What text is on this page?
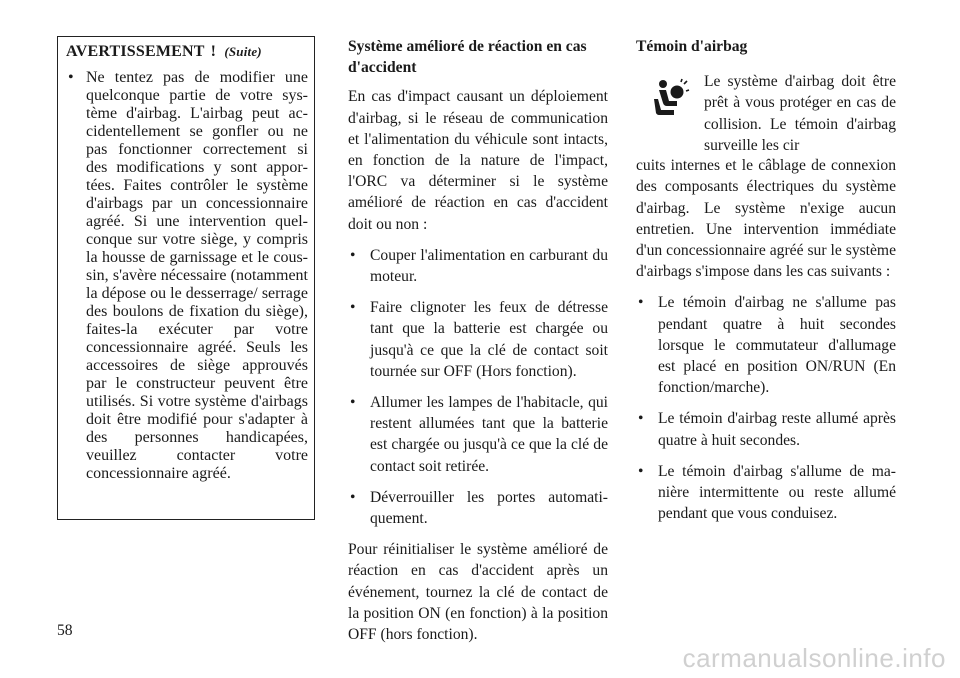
AVERTISSEMENT ! (Suite)
• Ne tentez pas de modifier une quelconque partie de votre système d'airbag. L'airbag peut accidentellement se gonfler ou ne pas fonctionner correctement si des modifications y sont apportées. Faites contrôler le système d'airbags par un concessionnaire agréé. Si une intervention quelconque sur votre siège, y compris la housse de garnissage et le coussin, s'avère nécessaire (notamment la dépose ou le desserrage/ serrage des boulons de fixation du siège), faites-la exécuter par votre concessionnaire agréé. Seuls les accessoires de siège approuvés par le constructeur peuvent être utilisés. Si votre système d'airbags doit être modifié pour s'adapter à des personnes handicapées, veuillez contacter votre concessionnaire agréé.

Système amélioré de réaction en cas d'accident

En cas d'impact causant un déploiement d'airbag, si le réseau de communication et l'alimentation du véhicule sont intacts, en fonction de la nature de l'impact, l'ORC va déterminer si le système amélioré de réaction en cas d'accident doit ou non :

• Couper l'alimentation en carburant du moteur.
• Faire clignoter les feux de détresse tant que la batterie est chargée ou jusqu'à ce que la clé de contact soit tournée sur OFF (Hors fonction).
• Allumer les lampes de l'habitacle, qui restent allumées tant que la batterie est chargée ou jusqu'à ce que la clé de contact soit retirée.
• Déverrouiller les portes automatiquement.

Pour réinitialiser le système amélioré de réaction en cas d'accident après un événement, tournez la clé de contact de la position ON (en fonction) à la position OFF (hors fonction).

Témoin d'airbag

Le système d'airbag doit être prêt à vous protéger en cas de collision. Le témoin d'airbag surveille les cir

cuits internes et le câblage de connexion des composants électriques du système d'airbag. Le système n'exige aucun entretien. Une intervention immédiate d'un concessionnaire agréé sur le système d'airbags s'impose dans les cas suivants :

• Le témoin d'airbag ne s'allume pas pendant quatre à huit secondes lorsque le commutateur d'allumage est placé en position ON/RUN (En fonction/marche).
• Le témoin d'airbag reste allumé après quatre à huit secondes.
• Le témoin d'airbag s'allume de manière intermittente ou reste allumé pendant que vous conduisez.
58
carmanualsonline.info
